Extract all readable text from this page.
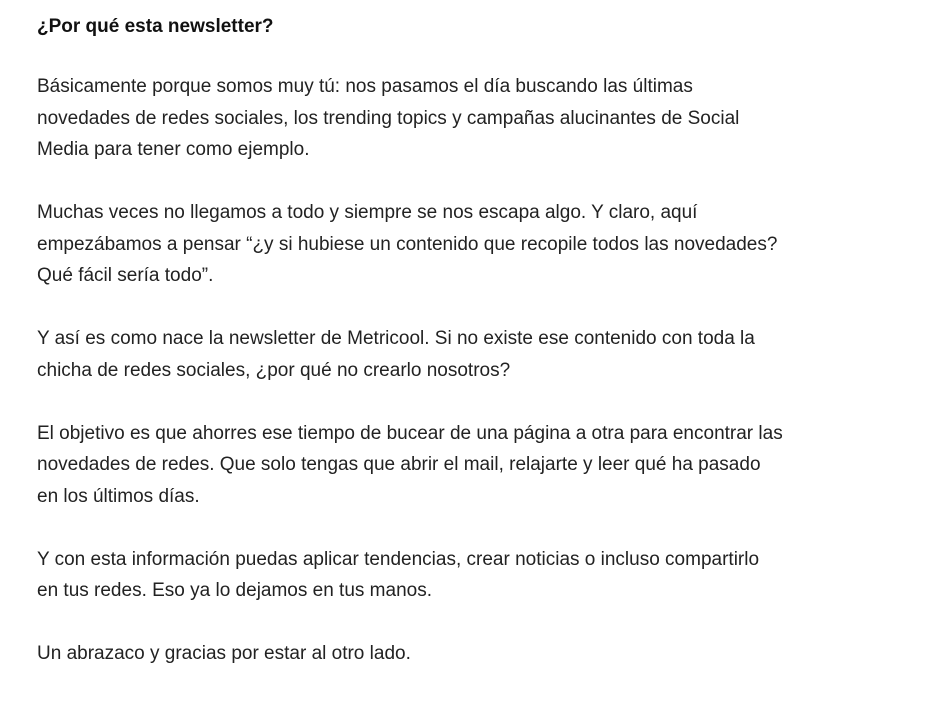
¿Por qué esta newsletter?

Básicamente porque somos muy tú: nos pasamos el día buscando las últimas
novedades de redes sociales, los trending topics y campañas alucinantes de Social
Media para tener como ejemplo.

Muchas veces no llegamos a todo y siempre se nos escapa algo. Y claro, aquí
empezábamos a pensar “¿y si hubiese un contenido que recopile todos las novedades?
Qué fácil sería todo”.

Y así es como nace la newsletter de Metricool. Si no existe ese contenido con toda la
chicha de redes sociales, ¿por qué no crearlo nosotros?

El objetivo es que ahorres ese tiempo de bucear de una página a otra para encontrar las
novedades de redes. Que solo tengas que abrir el mail, relajarte y leer qué ha pasado
en los últimos días.

Y con esta información puedas aplicar tendencias, crear noticias o incluso compartirlo
en tus redes. Eso ya lo dejamos en tus manos.

Un abrazaco y gracias por estar al otro lado.
